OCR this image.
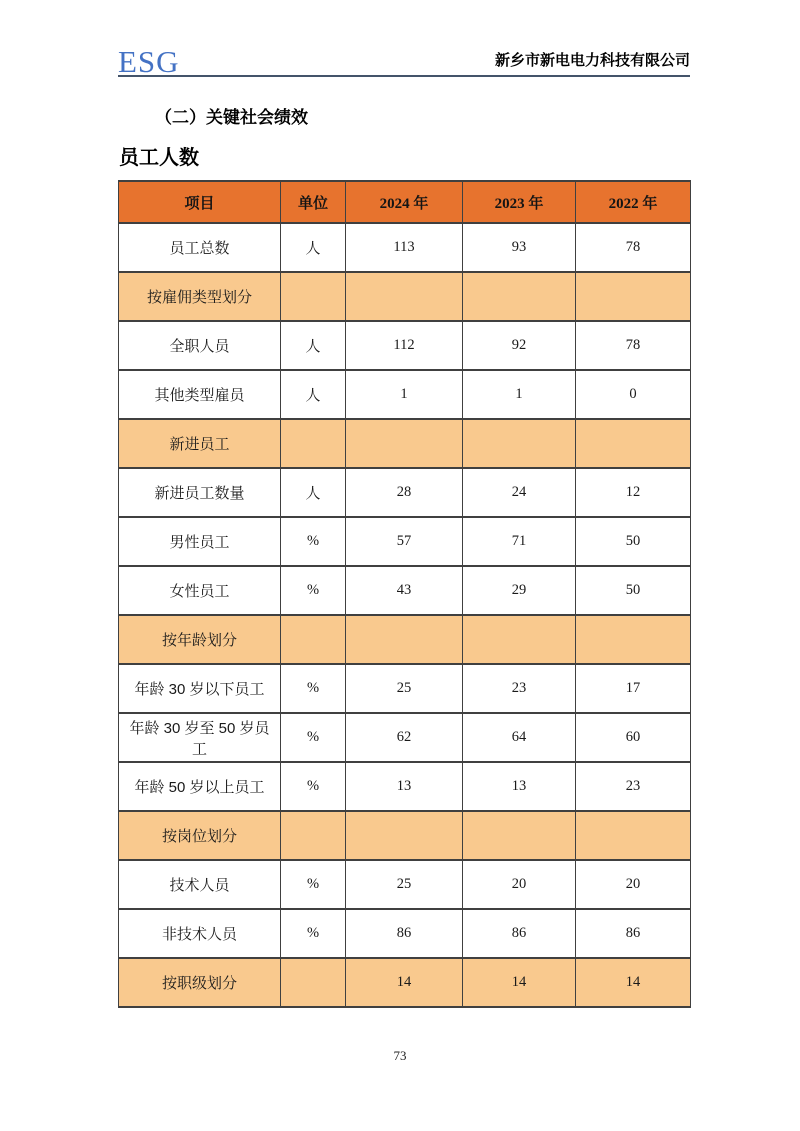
ESG	新乡市新电电力科技有限公司
（二）关键社会绩效
员工人数
项目	单位	2024 年	2023 年	2022 年
员工总数	人	113	93	78
按雇佣类型划分				
全职人员	人	112	92	78
其他类型雇员	人	1	1	0
新进员工				
新进员工数量	人	28	24	12
男性员工	%	57	71	50
女性员工	%	43	29	50
按年龄划分				
年龄 30 岁以下员工	%	25	23	17
年龄 30 岁至 50 岁员工	%	62	64	60
年龄 50 岁以上员工	%	13	13	23
按岗位划分				
技术人员	%	25	20	20
非技术人员	%	86	86	86
按职级划分		14	14	14
73
